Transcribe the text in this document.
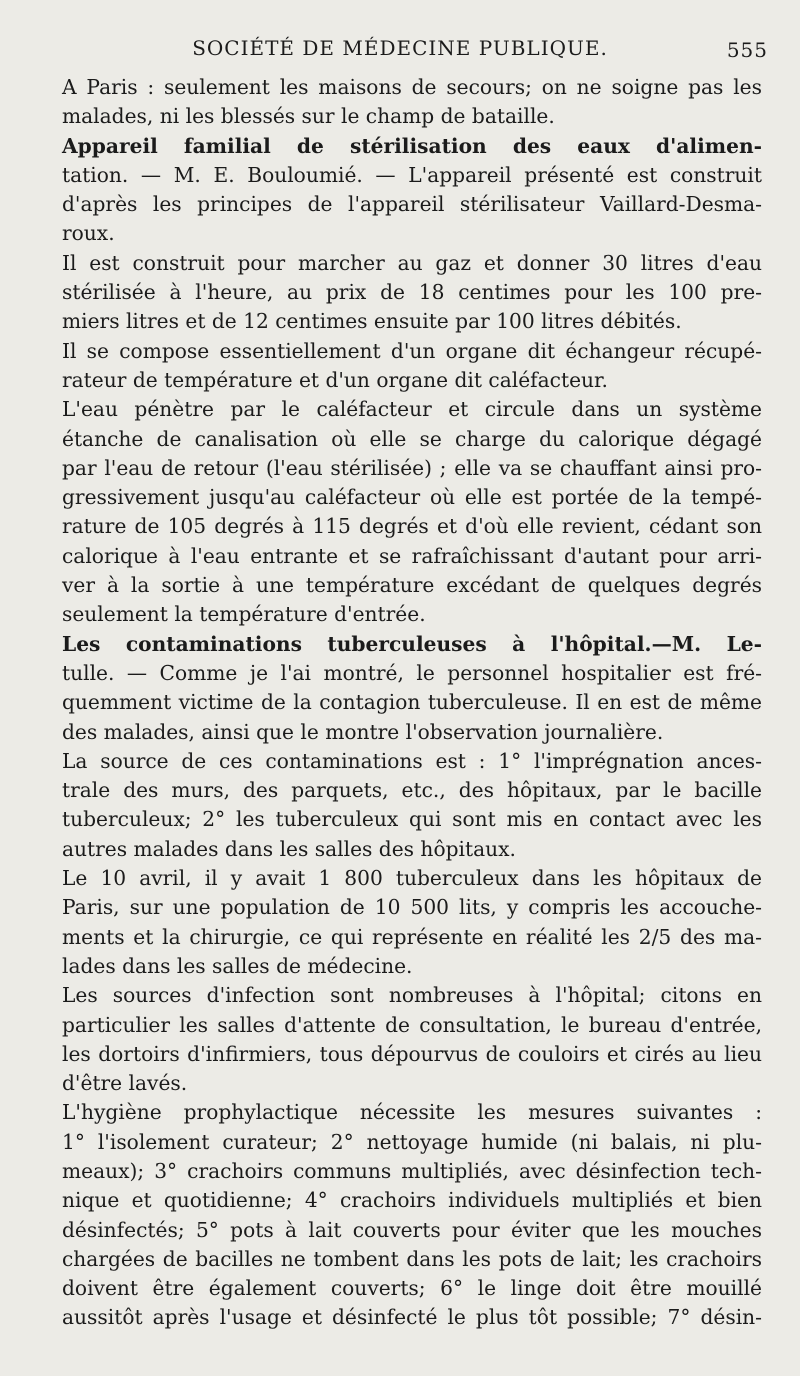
SOCIÉTÉ DE MÉDECINE PUBLIQUE.	555

A Paris : seulement les maisons de secours; on ne soigne pas les
malades, ni les blessés sur le champ de bataille.

Appareil familial de stérilisation des eaux d'alimen-
tation. — M. E. Bouloumié. — L'appareil présenté est construit
d'après les principes de l'appareil stérilisateur Vaillard-Desma-
roux.

Il est construit pour marcher au gaz et donner 30 litres d'eau
stérilisée à l'heure, au prix de 18 centimes pour les 100 pre-
miers litres et de 12 centimes ensuite par 100 litres débités.

Il se compose essentiellement d'un organe dit échangeur récupé-
rateur de température et d'un organe dit caléfacteur.

L'eau pénètre par le caléfacteur et circule dans un système
étanche de canalisation où elle se charge du calorique dégagé
par l'eau de retour (l'eau stérilisée) ; elle va se chauffant ainsi pro-
gressivement jusqu'au caléfacteur où elle est portée de la tempé-
rature de 105 degrés à 115 degrés et d'où elle revient, cédant son
calorique à l'eau entrante et se rafraîchissant d'autant pour arri-
ver à la sortie à une température excédant de quelques degrés
seulement la température d'entrée.

Les contaminations tuberculeuses à l'hôpital.—M. Le-
tulle. — Comme je l'ai montré, le personnel hospitalier est fré-
quemment victime de la contagion tuberculeuse. Il en est de même
des malades, ainsi que le montre l'observation journalière.

La source de ces contaminations est : 1° l'imprégnation ances-
trale des murs, des parquets, etc., des hôpitaux, par le bacille
tuberculeux; 2° les tuberculeux qui sont mis en contact avec les
autres malades dans les salles des hôpitaux.

Le 10 avril, il y avait 1 800 tuberculeux dans les hôpitaux de
Paris, sur une population de 10 500 lits, y compris les accouche-
ments et la chirurgie, ce qui représente en réalité les 2/5 des ma-
lades dans les salles de médecine.

Les sources d'infection sont nombreuses à l'hôpital; citons en
particulier les salles d'attente de consultation, le bureau d'entrée,
les dortoirs d'infirmiers, tous dépourvus de couloirs et cirés au lieu
d'être lavés.

L'hygiène prophylactique nécessite les mesures suivantes :
1° l'isolement curateur; 2° nettoyage humide (ni balais, ni plu-
meaux); 3° crachoirs communs multipliés, avec désinfection tech-
nique et quotidienne; 4° crachoirs individuels multipliés et bien
désinfectés; 5° pots à lait couverts pour éviter que les mouches
chargées de bacilles ne tombent dans les pots de lait; les crachoirs
doivent être également couverts; 6° le linge doit être mouillé
aussitôt après l'usage et désinfecté le plus tôt possible; 7° désin-
